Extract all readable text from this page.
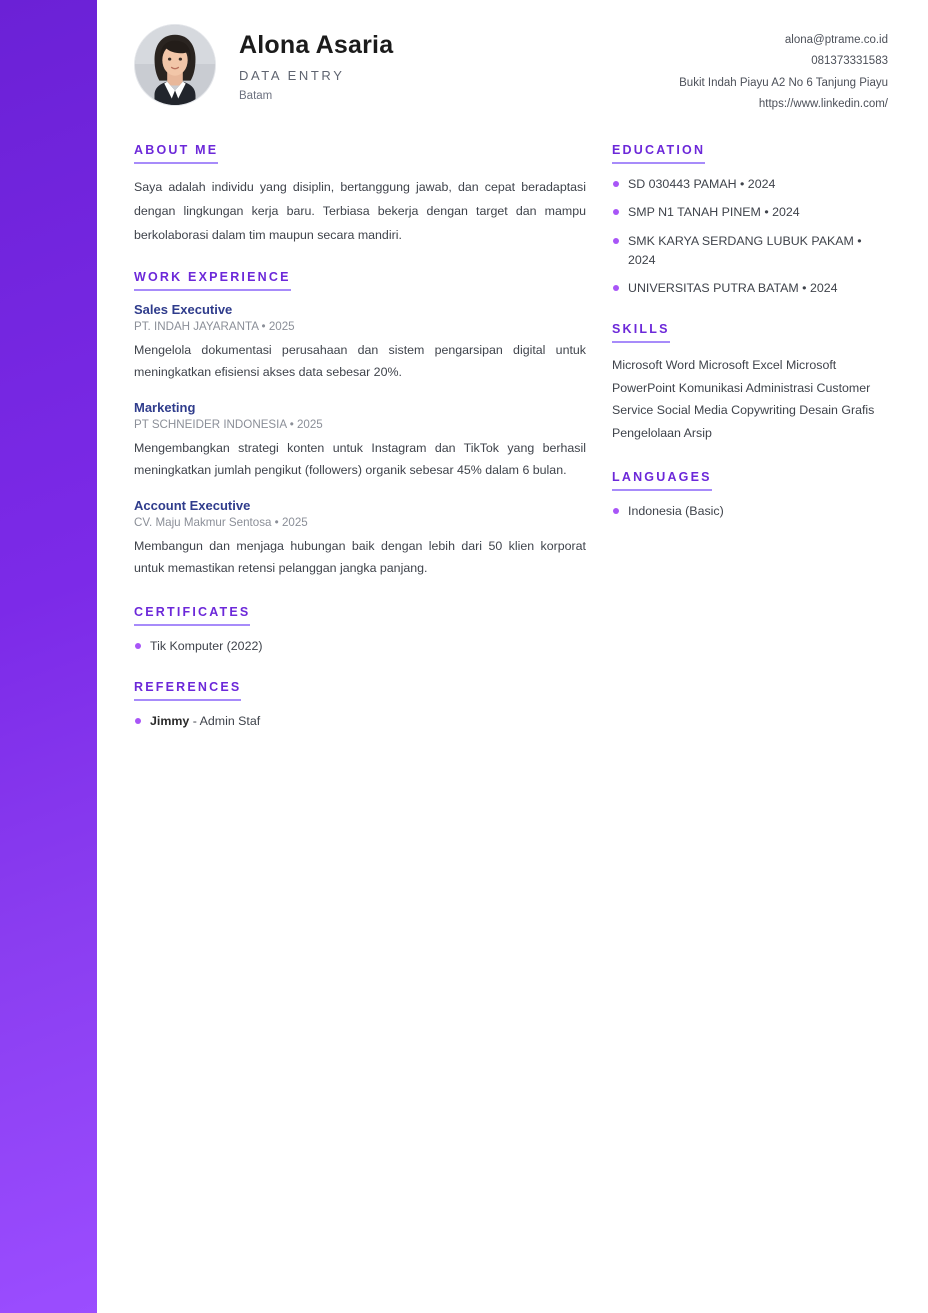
Alona Asaria
DATA ENTRY
Batam
alona@ptrame.co.id
081373331583
Bukit Indah Piayu A2 No 6 Tanjung Piayu
https://www.linkedin.com/
ABOUT ME
Saya adalah individu yang disiplin, bertanggung jawab, dan cepat beradaptasi dengan lingkungan kerja baru. Terbiasa bekerja dengan target dan mampu berkolaborasi dalam tim maupun secara mandiri.
WORK EXPERIENCE
Sales Executive
PT. INDAH JAYARANTA • 2025
Mengelola dokumentasi perusahaan dan sistem pengarsipan digital untuk meningkatkan efisiensi akses data sebesar 20%.
Marketing
PT SCHNEIDER INDONESIA • 2025
Mengembangkan strategi konten untuk Instagram dan TikTok yang berhasil meningkatkan jumlah pengikut (followers) organik sebesar 45% dalam 6 bulan.
Account Executive
CV. Maju Makmur Sentosa • 2025
Membangun dan menjaga hubungan baik dengan lebih dari 50 klien korporat untuk memastikan retensi pelanggan jangka panjang.
CERTIFICATES
Tik Komputer (2022)
REFERENCES
Jimmy - Admin Staf
EDUCATION
SD 030443 PAMAH • 2024
SMP N1 TANAH PINEM • 2024
SMK KARYA SERDANG LUBUK PAKAM • 2024
UNIVERSITAS PUTRA BATAM • 2024
SKILLS
Microsoft Word Microsoft Excel Microsoft PowerPoint Komunikasi Administrasi Customer Service Social Media Copywriting Desain Grafis Pengelolaan Arsip
LANGUAGES
Indonesia (Basic)
